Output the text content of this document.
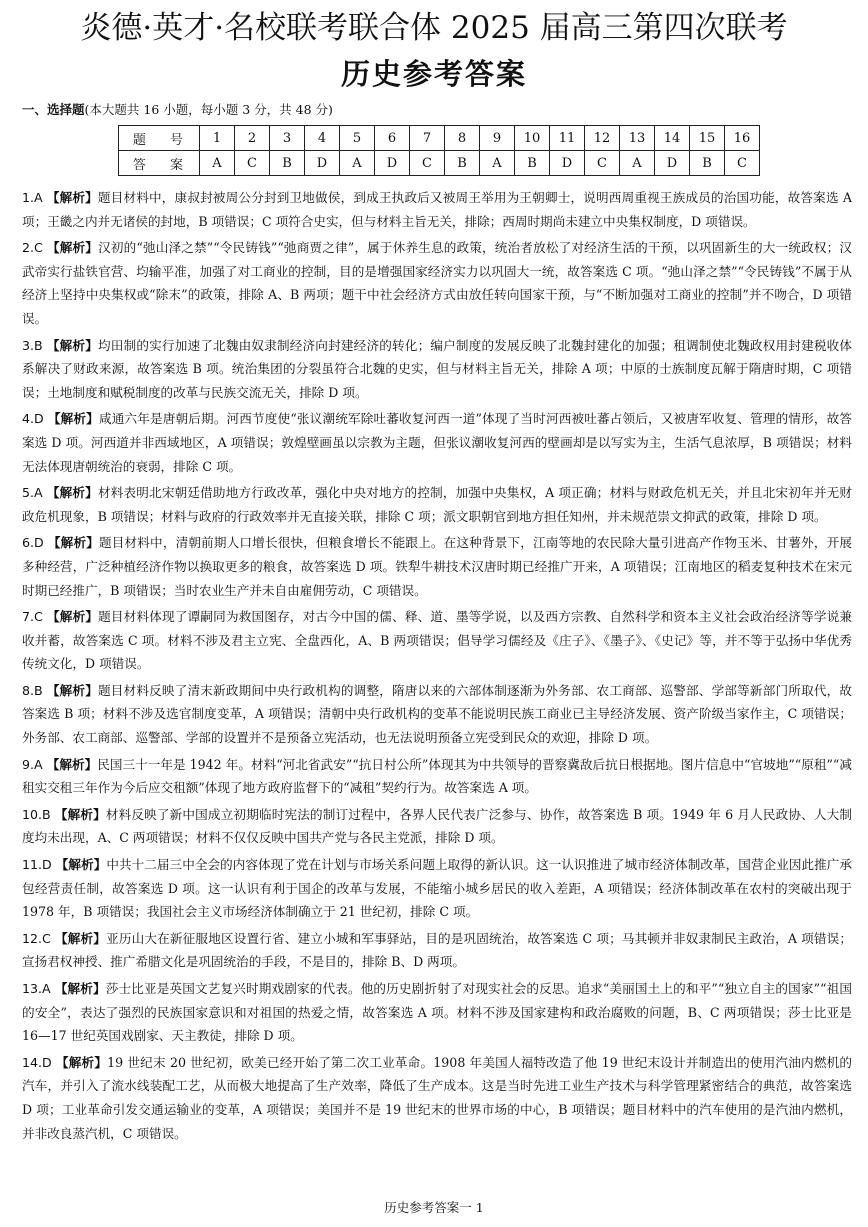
炎德·英才·名校联考联合体 2025 届高三第四次联考
历史参考答案
一、选择题(本大题共 16 小题，每小题 3 分，共 48 分)
题 号	1	2	3	4	5	6	7	8	9	10	11	12	13	14	15	16
答 案	A	C	B	D	A	D	C	B	A	B	D	C	A	D	B	C

1.A 【解析】题目材料中，康叔封被周公分封到卫地做侯，到成王执政后又被周王举用为王朝卿士，说明西周重视王族成员的治国功能，故答案选 A 项；王畿之内并无诸侯的封地，B 项错误；C 项符合史实，但与材料主旨无关，排除；西周时期尚未建立中央集权制度，D 项错误。

2.C 【解析】汉初的“弛山泽之禁”“令民铸钱”“弛商贾之律”，属于休养生息的政策，统治者放松了对经济生活的干预，以巩固新生的大一统政权；汉武帝实行盐铁官营、均输平准，加强了对工商业的控制，目的是增强国家经济实力以巩固大一统，故答案选 C 项。“弛山泽之禁”“令民铸钱”不属于从经济上坚持中央集权或“除末”的政策，排除 A、B 两项；题干中社会经济方式由放任转向国家干预，与“不断加强对工商业的控制”并不吻合，D 项错误。

3.B 【解析】均田制的实行加速了北魏由奴隶制经济向封建经济的转化；编户制度的发展反映了北魏封建化的加强；租调制使北魏政权用封建税收体系解决了财政来源，故答案选 B 项。统治集团的分裂虽符合北魏的史实，但与材料主旨无关，排除 A 项；中原的士族制度瓦解于隋唐时期，C 项错误；土地制度和赋税制度的改革与民族交流无关，排除 D 项。

4.D 【解析】咸通六年是唐朝后期。河西节度使“张议潮统军除吐蕃收复河西一道”体现了当时河西被吐蕃占领后，又被唐军收复、管理的情形，故答案选 D 项。河西道并非西域地区，A 项错误；敦煌壁画虽以宗教为主题，但张议潮收复河西的壁画却是以写实为主，生活气息浓厚，B 项错误；材料无法体现唐朝统治的衰弱，排除 C 项。

5.A 【解析】材料表明北宋朝廷借助地方行政改革，强化中央对地方的控制，加强中央集权，A 项正确；材料与财政危机无关，并且北宋初年并无财政危机现象，B 项错误；材料与政府的行政效率并无直接关联，排除 C 项；派文职朝官到地方担任知州，并未规范崇文抑武的政策，排除 D 项。

6.D 【解析】题目材料中，清朝前期人口增长很快，但粮食增长不能跟上。在这种背景下，江南等地的农民除大量引进高产作物玉米、甘薯外，开展多种经营，广泛种植经济作物以换取更多的粮食，故答案选 D 项。铁犁牛耕技术汉唐时期已经推广开来，A 项错误；江南地区的稻麦复种技术在宋元时期已经推广，B 项错误；当时农业生产并未自由雇佣劳动，C 项错误。

7.C 【解析】题目材料体现了谭嗣同为救国图存，对古今中国的儒、释、道、墨等学说，以及西方宗教、自然科学和资本主义社会政治经济等学说兼收并蓄，故答案选 C 项。材料不涉及君主立宪、全盘西化，A、B 两项错误；倡导学习儒经及《庄子》、《墨子》、《史记》等，并不等于弘扬中华优秀传统文化，D 项错误。

8.B 【解析】题目材料反映了清末新政期间中央行政机构的调整，隋唐以来的六部体制逐渐为外务部、农工商部、巡警部、学部等新部门所取代，故答案选 B 项；材料不涉及选官制度变革，A 项错误；清朝中央行政机构的变革不能说明民族工商业已主导经济发展、资产阶级当家作主，C 项错误；外务部、农工商部、巡警部、学部的设置并不是预备立宪活动，也无法说明预备立宪受到民众的欢迎，排除 D 项。

9.A 【解析】民国三十一年是 1942 年。材料“河北省武安”“抗日村公所”体现其为中共领导的晋察冀敌后抗日根据地。图片信息中“官坡地”“原租”“减租实交租三年作为今后应交租额”体现了地方政府监督下的“减租”契约行为。故答案选 A 项。

10.B 【解析】材料反映了新中国成立初期临时宪法的制订过程中，各界人民代表广泛参与、协作，故答案选 B 项。1949 年 6 月人民政协、人大制度均未出现，A、C 两项错误；材料不仅仅反映中国共产党与各民主党派，排除 D 项。

11.D 【解析】中共十二届三中全会的内容体现了党在计划与市场关系问题上取得的新认识。这一认识推进了城市经济体制改革，国营企业因此推广承包经营责任制，故答案选 D 项。这一认识有利于国企的改革与发展，不能缩小城乡居民的收入差距，A 项错误；经济体制改革在农村的突破出现于 1978 年，B 项错误；我国社会主义市场经济体制确立于 21 世纪初，排除 C 项。

12.C 【解析】亚历山大在新征服地区设置行省、建立小城和军事驿站，目的是巩固统治，故答案选 C 项；马其顿并非奴隶制民主政治，A 项错误；宣扬君权神授、推广希腊文化是巩固统治的手段，不是目的，排除 B、D 两项。

13.A 【解析】莎士比亚是英国文艺复兴时期戏剧家的代表。他的历史剧折射了对现实社会的反思。追求“美丽国土上的和平”“独立自主的国家”“祖国的安全”，表达了强烈的民族国家意识和对祖国的热爱之情，故答案选 A 项。材料不涉及国家建构和政治腐败的问题，B、C 两项错误；莎士比亚是 16—17 世纪英国戏剧家、天主教徒，排除 D 项。

14.D 【解析】19 世纪末 20 世纪初，欧美已经开始了第二次工业革命。1908 年美国人福特改造了他 19 世纪末设计并制造出的使用汽油内燃机的汽车，并引入了流水线装配工艺，从而极大地提高了生产效率，降低了生产成本。这是当时先进工业生产技术与科学管理紧密结合的典范，故答案选 D 项；工业革命引发交通运输业的变革，A 项错误；美国并不是 19 世纪末的世界市场的中心，B 项错误；题目材料中的汽车使用的是汽油内燃机，并非改良蒸汽机，C 项错误。

历史参考答案一 1
